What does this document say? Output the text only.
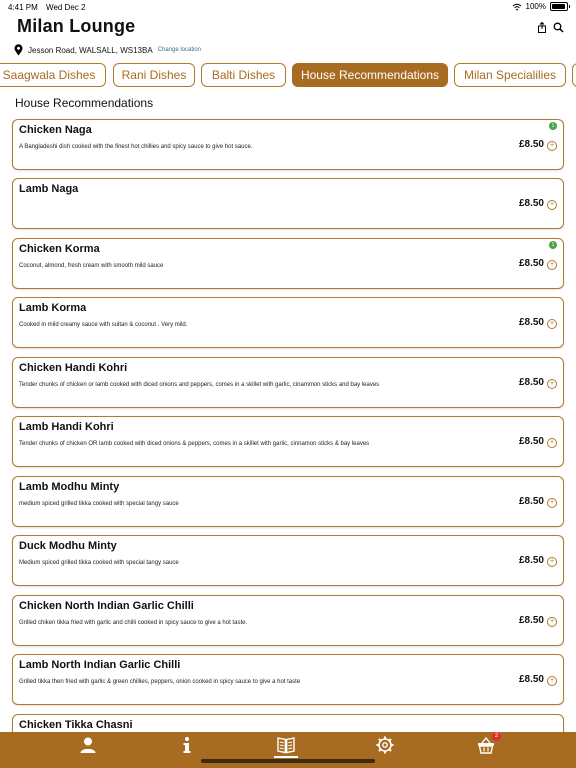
4:41 PM Wed Dec 2	100%
Milan Lounge
Jesson Road, WALSALL, WS13BA Change location
Saagwala Dishes Rani Dishes Balti Dishes House Recommendations Milan Specialilies
House Recommendations
Chicken Naga
A Bangladeshi dish cooked with the finest hot chillies and spicy sauce to give hot sauce.
1
£8.50 +
Lamb Naga
£8.50 +
Chicken Korma
Coconut, almond, fresh cream with smooth mild sauce
1
£8.50 +
Lamb Korma
Cooked in mild creamy sauce with sultan & coconut . Very mild.	£8.50 +
Chicken Handi Kohri
Tender chunks of chicken or lamb cooked with diced onions and peppers, comes in a skillet with garlic, cinammon sticks and bay leaves	£8.50 +
Lamb Handi Kohri
Tender chunks of chicken OR lamb cooked with diced onions & peppers, comes in a skillet with garlic, cinnamon sticks & bay leaves	£8.50 +
Lamb Modhu Minty
medium spiced grilled tikka cooked with special tangy sauce	£8.50 +
Duck Modhu Minty
Medium spiced grilled tikka cooked with special tangy sauce	£8.50 +
Chicken North Indian Garlic Chilli
Grilled chiken tikka fried with garlic and chilli cooked in spicy sauce to give a hot taste.	£8.50 +
Lamb North Indian Garlic Chilli
Grilled tikka then fried with garlic & green chillies, peppers, onion cooked in spicy sauce to give a hot taste	£8.50 +
Chicken Tikka Chasni
2
